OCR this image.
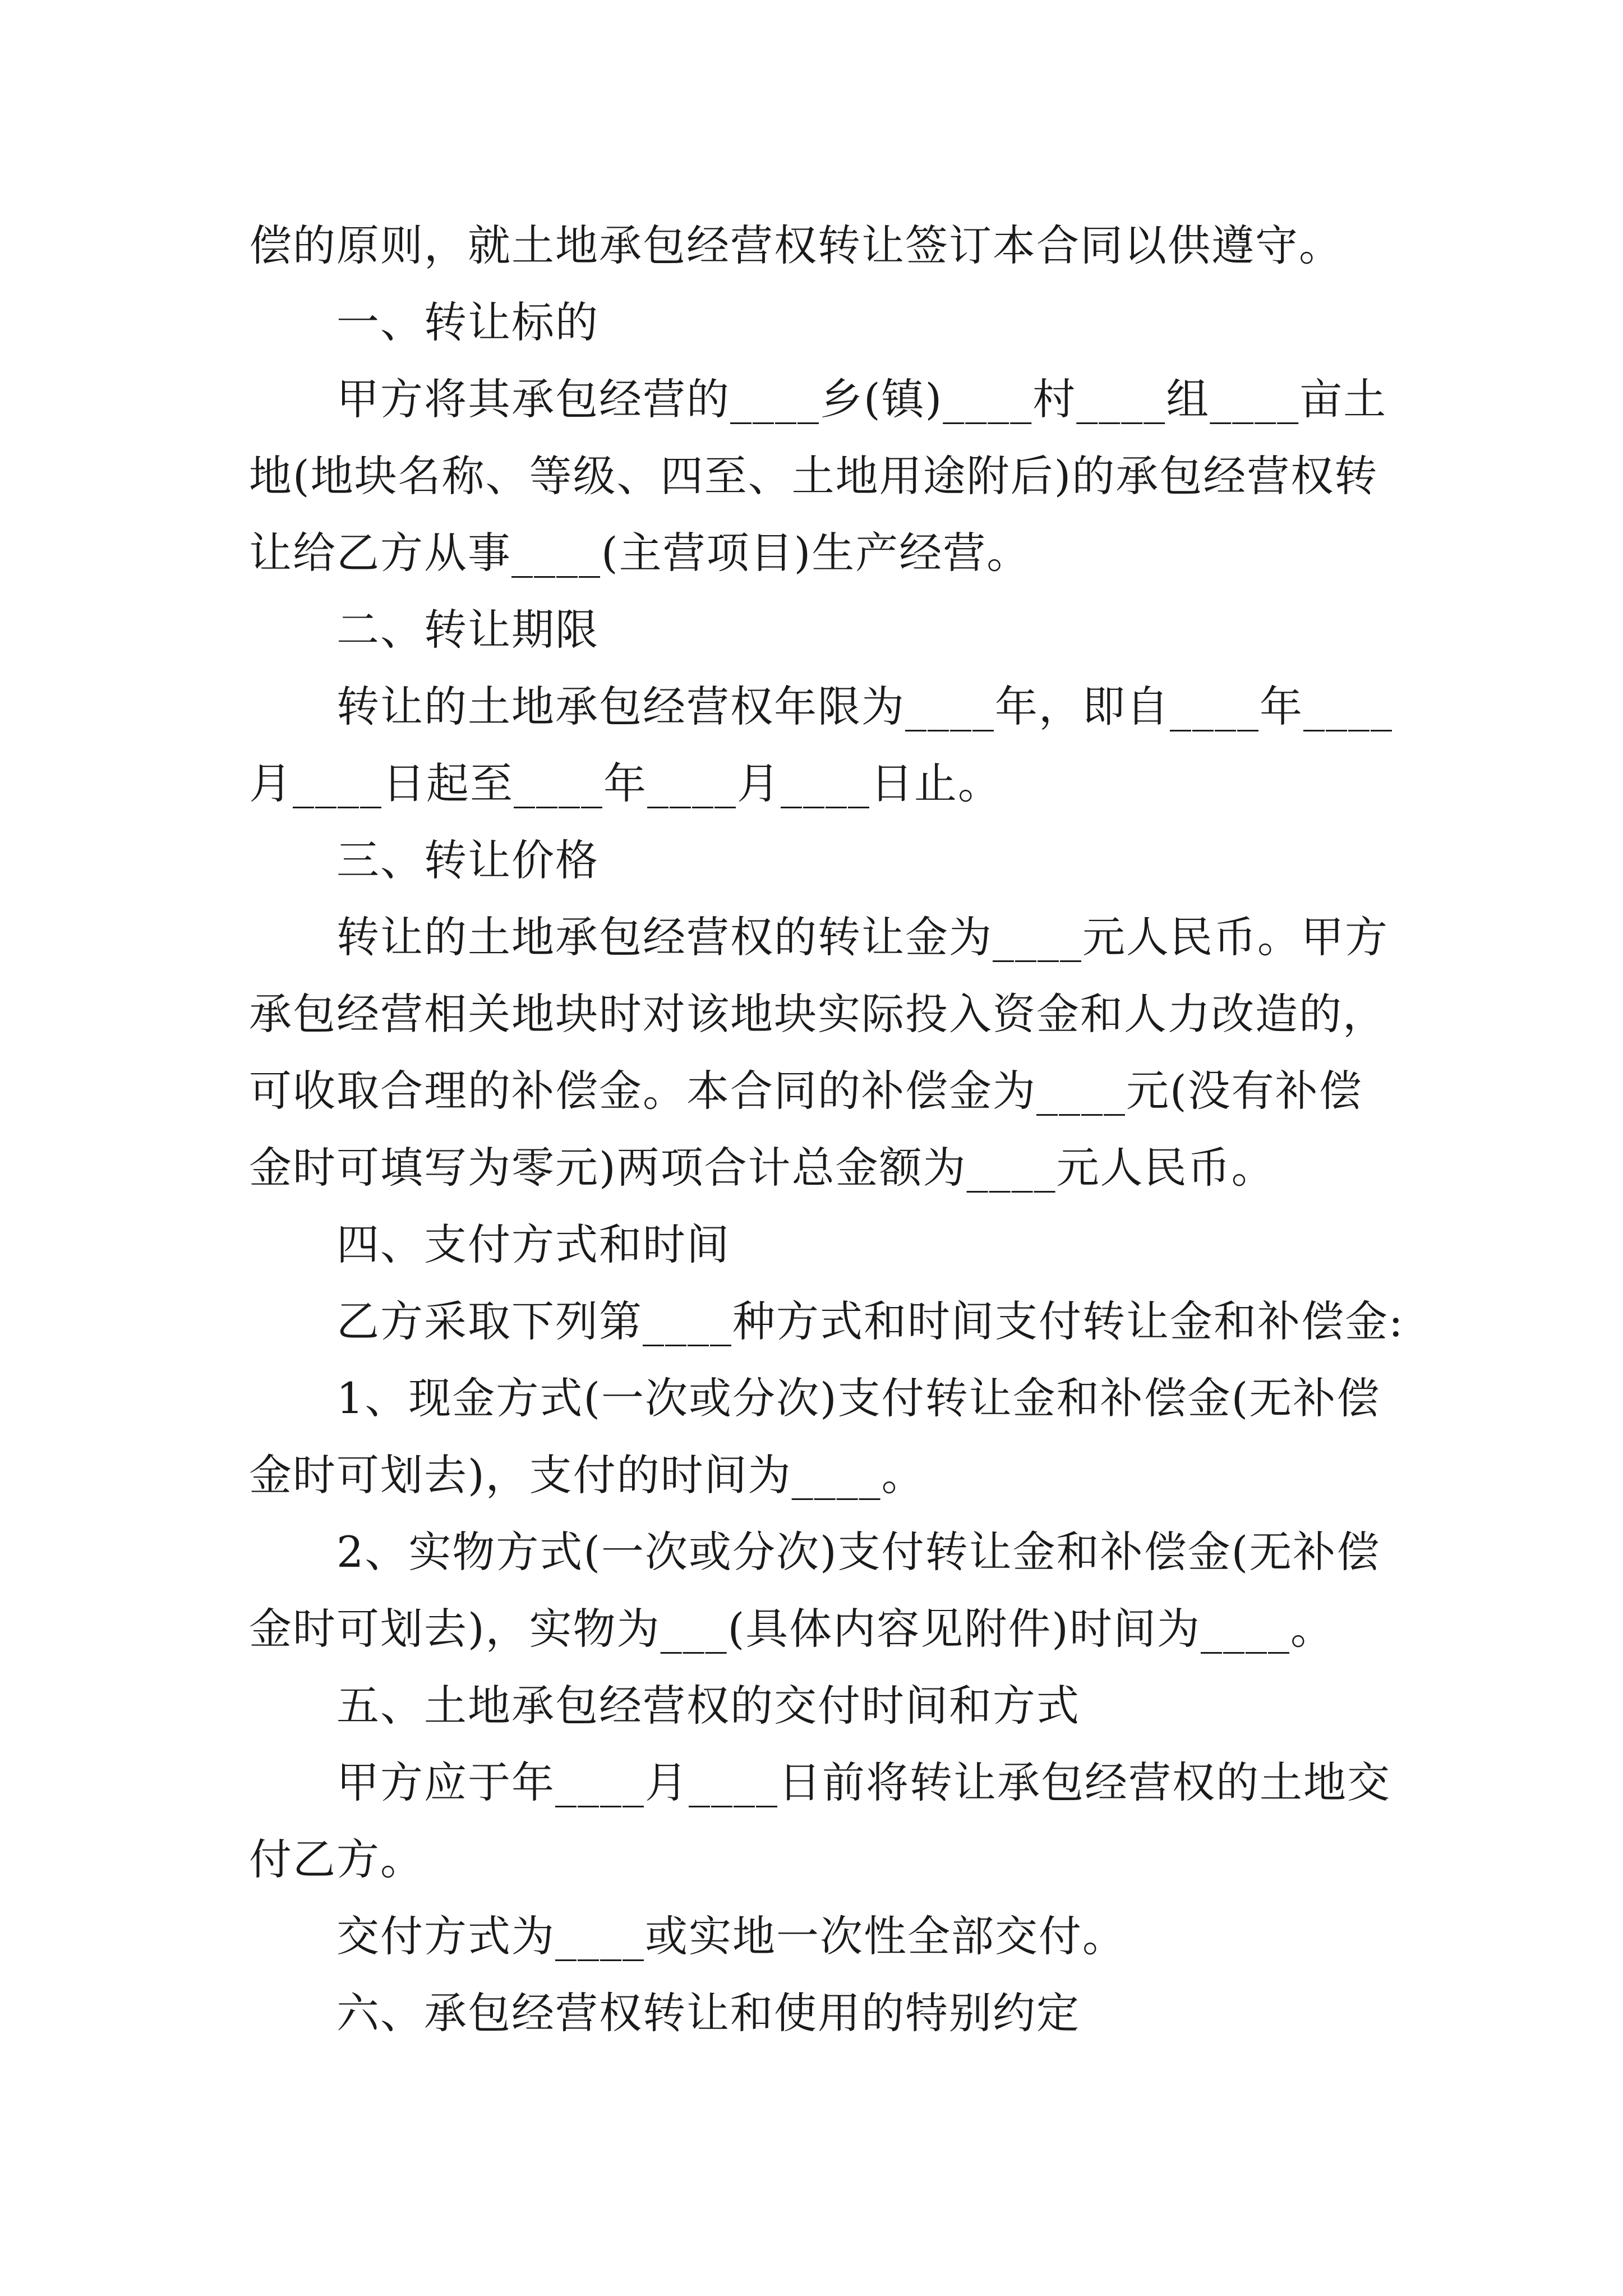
偿的原则，就土地承包经营权转让签订本合同以供遵守。
一、转让标的
甲方将其承包经营的____乡(镇)____村____组____亩土
地(地块名称、等级、四至、土地用途附后)的承包经营权转
让给乙方从事____(主营项目)生产经营。
二、转让期限
转让的土地承包经营权年限为____年，即自____年____
月____日起至____年____月____日止。
三、转让价格
转让的土地承包经营权的转让金为____元人民币。甲方
承包经营相关地块时对该地块实际投入资金和人力改造的，
可收取合理的补偿金。本合同的补偿金为____元(没有补偿
金时可填写为零元)两项合计总金额为____元人民币。
四、支付方式和时间
乙方采取下列第____种方式和时间支付转让金和补偿金:
1、现金方式(一次或分次)支付转让金和补偿金(无补偿
金时可划去)，支付的时间为____。
2、实物方式(一次或分次)支付转让金和补偿金(无补偿
金时可划去)，实物为___(具体内容见附件)时间为____。
五、土地承包经营权的交付时间和方式
甲方应于年____月____日前将转让承包经营权的土地交
付乙方。
交付方式为____或实地一次性全部交付。
六、承包经营权转让和使用的特别约定
